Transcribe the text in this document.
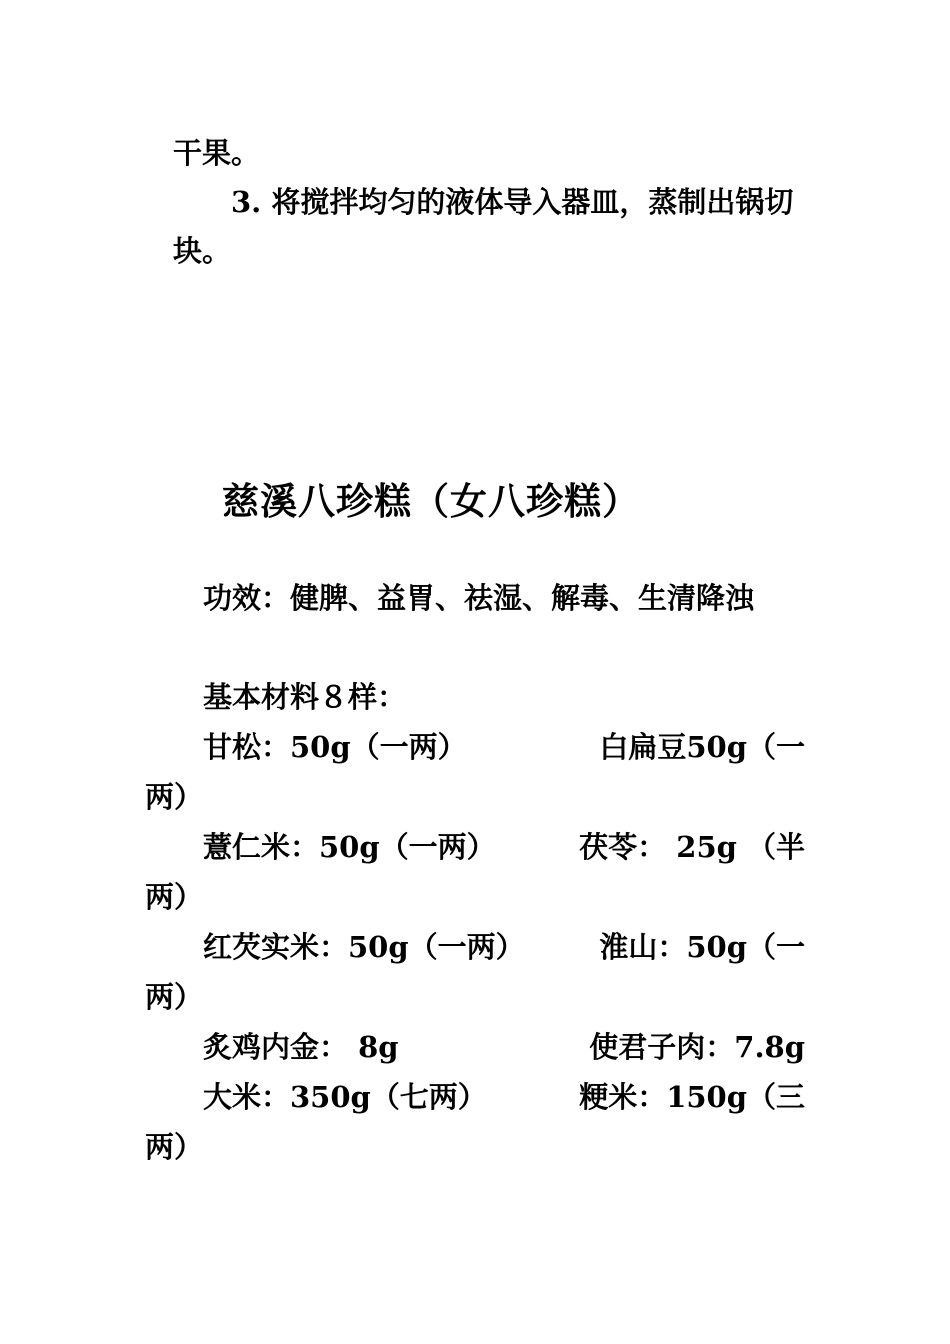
干果。
3. 将搅拌均匀的液体导入器皿，蒸制出锅切
块。
慈溪八珍糕（女八珍糕）
功效：健脾、益胃、祛湿、解毒、生清降浊
基本材料８样：
甘松：50g（一两）	白扁豆50g（一
两）
薏仁米：50g（一两）	茯苓： 25g （半
两）
红芡实米：50g（一两）	淮山：50g（一
两）
炙鸡内金： 8g	使君子肉：7.8g
大米：350g（七两）	粳米：150g（三
两）
